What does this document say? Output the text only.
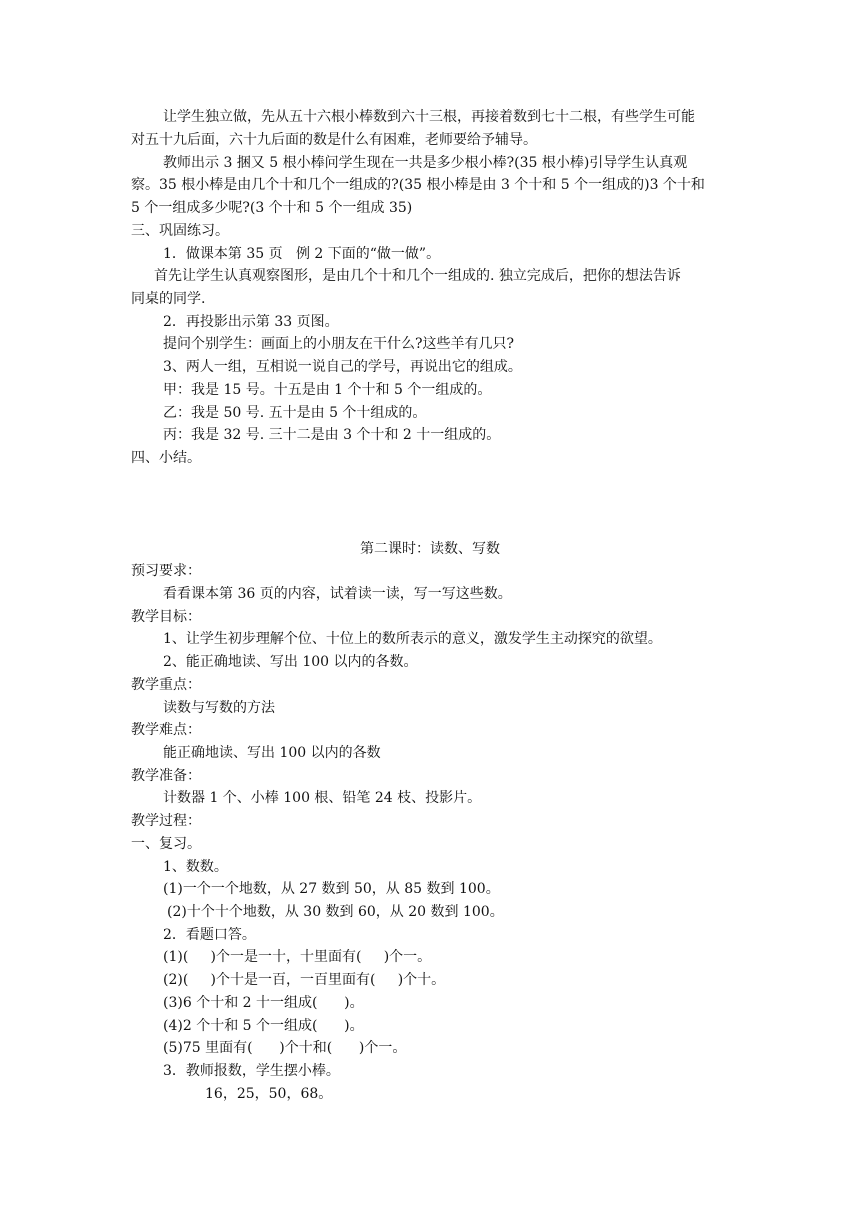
让学生独立做，先从五十六根小棒数到六十三根，再接着数到七十二根，有些学生可能
对五十九后面，六十九后面的数是什么有困难，老师要给予辅导。
教师出示 3 捆又 5 根小棒问学生现在一共是多少根小棒?(35 根小棒)引导学生认真观
察。35 根小棒是由几个十和几个一组成的?(35 根小棒是由 3 个十和 5 个一组成的)3 个十和
5 个一组成多少呢?(3 个十和 5 个一组成 35)
三、巩固练习。
1．做课本第 35 页   例 2 下面的“做一做”。
首先让学生认真观察图形，是由几个十和几个一组成的. 独立完成后，把你的想法告诉
同桌的同学.
2．再投影出示第 33 页图。
提问个别学生：画面上的小朋友在干什么?这些羊有几只?
3、两人一组，互相说一说自己的学号，再说出它的组成。
甲：我是 15 号。十五是由 1 个十和 5 个一组成的。
乙：我是 50 号. 五十是由 5 个十组成的。
丙：我是 32 号. 三十二是由 3 个十和 2 十一组成的。
四、小结。
第二课时：读数、写数
预习要求：
看看课本第 36 页的内容，试着读一读，写一写这些数。
教学目标：
1、让学生初步理解个位、十位上的数所表示的意义，激发学生主动探究的欲望。
2、能正确地读、写出 100 以内的各数。
教学重点：
读数与写数的方法
教学难点：
能正确地读、写出 100 以内的各数
教学准备：
计数器 1 个、小棒 100 根、铅笔 24 枝、投影片。
教学过程：
一、复习。
1、数数。
(1)一个一个地数，从 27 数到 50，从 85 数到 100。
(2)十个十个地数，从 30 数到 60，从 20 数到 100。
2．看题口答。
(1)(     )个一是一十，十里面有(     )个一。
(2)(     )个十是一百，一百里面有(     )个十。
(3)6 个十和 2 十一组成(      )。
(4)2 个十和 5 个一组成(      )。
(5)75 里面有(      )个十和(      )个一。
3．教师报数，学生摆小棒。
16，25，50，68。
